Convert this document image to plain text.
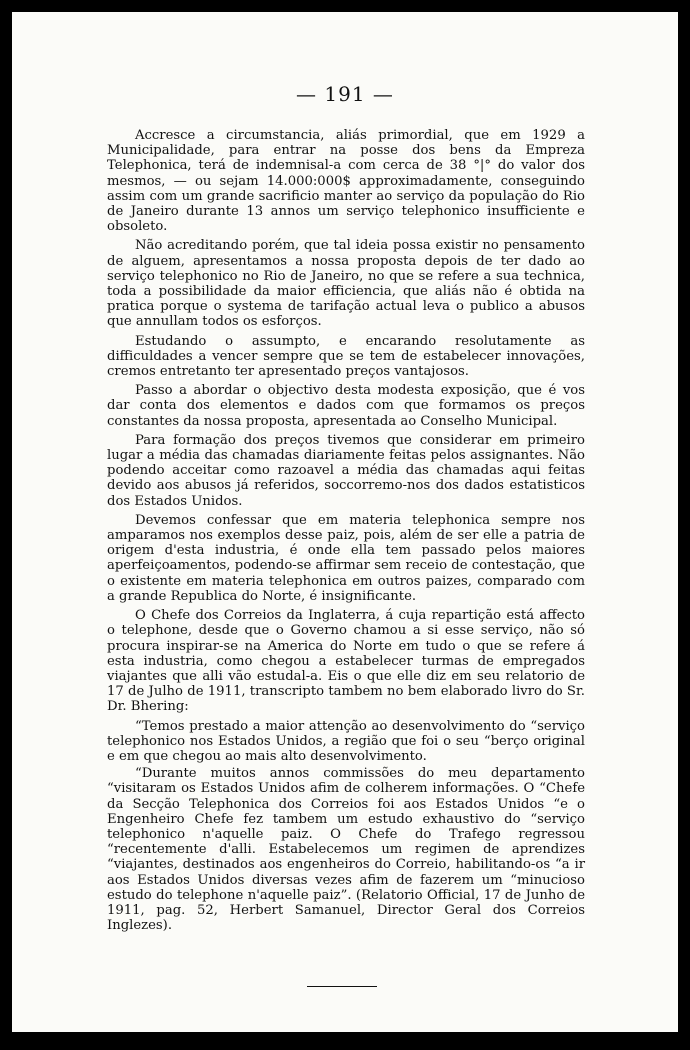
— 191 —

Accresce a circumstancia, aliás primordial, que em 1929 a Municipalidade, para entrar na posse dos bens da Empreza Telephonica, terá de indemnisal-a com cerca de 38 °|° do valor dos mesmos, — ou sejam 14.000:000$ approximadamente, conseguindo assim com um grande sacrificio manter ao serviço da população do Rio de Janeiro durante 13 annos um serviço telephonico insufficiente e obsoleto.

Não acreditando porém, que tal ideia possa existir no pensamento de alguem, apresentamos a nossa proposta depois de ter dado ao serviço telephonico no Rio de Janeiro, no que se refere a sua technica, toda a possibilidade da maior efficiencia, que aliás não é obtida na pratica porque o systema de tarifação actual leva o publico a abusos que annullam todos os esforços.

Estudando o assumpto, e encarando resolutamente as difficuldades a vencer sempre que se tem de estabelecer innovações, cremos entretanto ter apresentado preços vantajosos.

Passo a abordar o objectivo desta modesta exposição, que é vos dar conta dos elementos e dados com que formamos os preços constantes da nossa proposta, apresentada ao Conselho Municipal.

Para formação dos preços tivemos que considerar em primeiro lugar a média das chamadas diariamente feitas pelos assignantes. Não podendo acceitar como razoavel a média das chamadas aqui feitas devido aos abusos já referidos, soccorremo-nos dos dados estatisticos dos Estados Unidos.

Devemos confessar que em materia telephonica sempre nos amparamos nos exemplos desse paiz, pois, além de ser elle a patria de origem d'esta industria, é onde ella tem passado pelos maiores aperfeiçoamentos, podendo-se affirmar sem receio de contestação, que o existente em materia telephonica em outros paizes, comparado com a grande Republica do Norte, é insignificante.

O Chefe dos Correios da Inglaterra, á cuja repartição está affecto o telephone, desde que o Governo chamou a si esse serviço, não só procura inspirar-se na America do Norte em tudo o que se refere á esta industria, como chegou a estabelecer turmas de empregados viajantes que alli vão estudal-a. Eis o que elle diz em seu relatorio de 17 de Julho de 1911, transcripto tambem no bem elaborado livro do Sr. Dr. Bhering:

“Temos prestado a maior attenção ao desenvolvimento do “serviço telephonico nos Estados Unidos, a região que foi o seu “berço original e em que chegou ao mais alto desenvolvimento.

“Durante muitos annos commissões do meu departamento “visitaram os Estados Unidos afim de colherem informações. O “Chefe da Secção Telephonica dos Correios foi aos Estados Unidos “e o Engenheiro Chefe fez tambem um estudo exhaustivo do “serviço telephonico n'aquelle paiz. O Chefe do Trafego regressou “recentemente d'alli. Estabelecemos um regimen de aprendizes “viajantes, destinados aos engenheiros do Correio, habilitando-os “a ir aos Estados Unidos diversas vezes afim de fazerem um “minucioso estudo do telephone n'aquelle paiz”. (Relatorio Official, 17 de Junho de 1911, pag. 52, Herbert Samanuel, Director Geral dos Correios Inglezes).
